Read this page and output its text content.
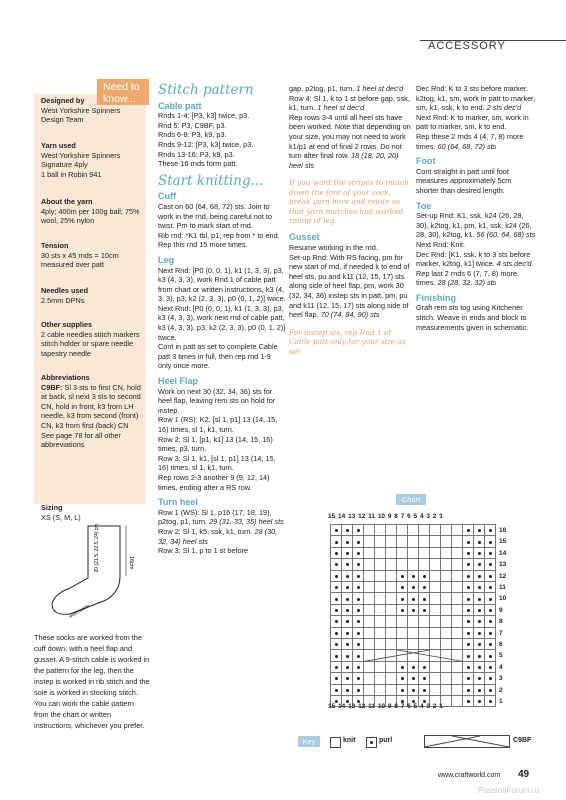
ACCESSORY
Need to know...
Designed by
West Yorkshire Spinners Design Team
Yarn used
West Yorkshire Spinners Signature 4ply
1 ball in Robin 941
About the yarn
4ply; 400m per 100g ball; 75% wool, 25% nylon
Tension
30 sts x 45 rnds = 10cm measured over patt
Needles used
2.5mm DPNs
Other supplies
2 cable needles stitch markers stitch holder or spare needle tapestry needle
Abbreviations
C9BF: Sl 3 sts to first CN, hold at back, sl next 3 sts to second CN, hold in front, k3 from LH needle, k3 from second (front) CN, k3 from first (back) CN
See page 78 for all other abbreviations
Sizing
XS (S, M, L)
16cm
20 (21.5, 22.5, 24) cm
width/ankle
These socks are worked from the cuff down, with a heel flap and gusset. A 9-stitch cable is worked in the pattern for the leg, then the instep is worked in rib stitch and the sole is worked in stocking stitch. You can work the cable pattern from the chart or written instructions, whichever you prefer.
Stitch pattern
Cable patt

Rnds 1-4: [P3, k3] twice, p3.

Rnd 5: P3, C9BF, p3.

Rnds 6-8: P3, k9, p3.

Rnds 9-12: [P3, k3] twice, p3.

Rnds 13-16: P3, k9, p3.

These 16 rnds form patt.

Start knitting...
Cuff

Cast on 60 (64, 68, 72) sts. Join to work in the rnd, being careful not to twist. Pm to mark start of rnd.

Rib rnd: *K1 tbl, p1; rep from * to end.

Rep this rnd 15 more times.

Leg

Next Rnd: [P0 (0, 0, 1), k1 (1, 3, 3), p3, k3 (4, 3, 3), work Rnd 1 of cable patt from chart or written instructions, k3 (4, 3, 3), p3, k2 (2, 3, 3), p0 (0, 1, 2)] twice.

Next Rnd: [P0 (0, 0, 1), k1 (1, 3, 3), p3, k3 (4, 3, 3), work next rnd of cable patt, k3 (4, 3, 3), p3, k2 (2, 3, 3), p0 (0, 1, 2)] twice.

Cont in patt as set to complete Cable patt 3 times in full, then rep rnd 1-9 only once more.

Heel Flap

Work on next 30 (32, 34, 36) sts for heel flap, leaving rem sts on hold for instep.

Row 1 (RS): K2, [sl 1, p1] 13 (14, 15, 16) times, sl 1, k1, turn.

Row 2: Sl 1, [p1, k1] 13 (14, 15, 16) times, p3, turn.

Row 3: Sl 1, k1, [sl 1, p1] 13 (14, 15, 16) times, sl 1, k1, turn.

Rep rows 2-3 another 9 (9, 12, 14) times, ending after a RS row.

Turn heel

Row 1 (WS): Sl 1, p16 (17, 18, 19), p2tog, p1, turn. 29 (31, 33, 35) heel sts

Row 2: Sl 1, k5, ssk, k1, turn. 28 (30, 32, 34) heel sts

Row 3: Sl 1, p to 1 st before

gap, p2tog, p1, turn. 1 heel st dec'd

Row 4: Sl 1, k to 1 st before gap, ssk, k1, turn. 1 heel st dec'd

Rep rows 3-4 until all heel sts have been worked. Note that depending on your size, you may not need to work k1/p1 at end of final 2 rows. Do not turn after final row. 18 (18, 20, 20) heel sts

If you want the stripes to match down the foot of your sock, break yarn here and rejoin so that yarn matches last worked round of leg.

Gusset

Resume working in the rnd.

Set-up Rnd: With RS facing, pm for new start of rnd, if needed k to end of heel sts, pu and k11 (12, 15, 17) sts along side of heel flap, pm, work 30 (32, 34, 36) instep sts in patt, pm, pu and k11 (12, 15, 17) sts along side of heel flap. 70 (74, 84, 90) sts

For instep sts, rep Rnd 1 of Cable patt only for your size as set

Dec Rnd: K to 3 sts before marker, k2tog, k1, sm, work in patt to marker, sm, k1, ssk, k to end. 2 sts dec'd

Next Rnd: K to marker, sm, work in patt to marker, sm, k to end.

Rep these 2 rnds 4 (4, 7, 8) more times. 60 (64, 68, 72) sts

Foot

Cont straight in patt until foot measures approximately 5cm shorter than desired length.

Toe

Set-up Rnd: K1, ssk, k24 (26, 28, 30), k2tog, k1, pm, k1, ssk, k24 (26, 28, 30), k2tog, k1. 56 (60, 64, 68) sts

Next Rnd: Knit.

Dec Rnd: [K1, ssk, k to 3 sts before marker, k2tog, k1] twice. 4 sts dec'd

Rep last 2 rnds 6 (7, 7, 8) more times. 28 (28, 32, 32) sts

Finishing

Graft rem sts tog using Kitchener stitch. Weave in ends and block to measurements given in schematic.

Chart
15 14 13 12 11 10 9 8 7 6 5 4 3 2 1
16
15
14
13
12
11
10
9
8
7
6
5
4
3
2
1
15 14 13 12 11 10 9 8 7 6 5 4 3 2 1
Key	knit	purl	C9BF
www.craftworld.com 49
PassionForum.ru
